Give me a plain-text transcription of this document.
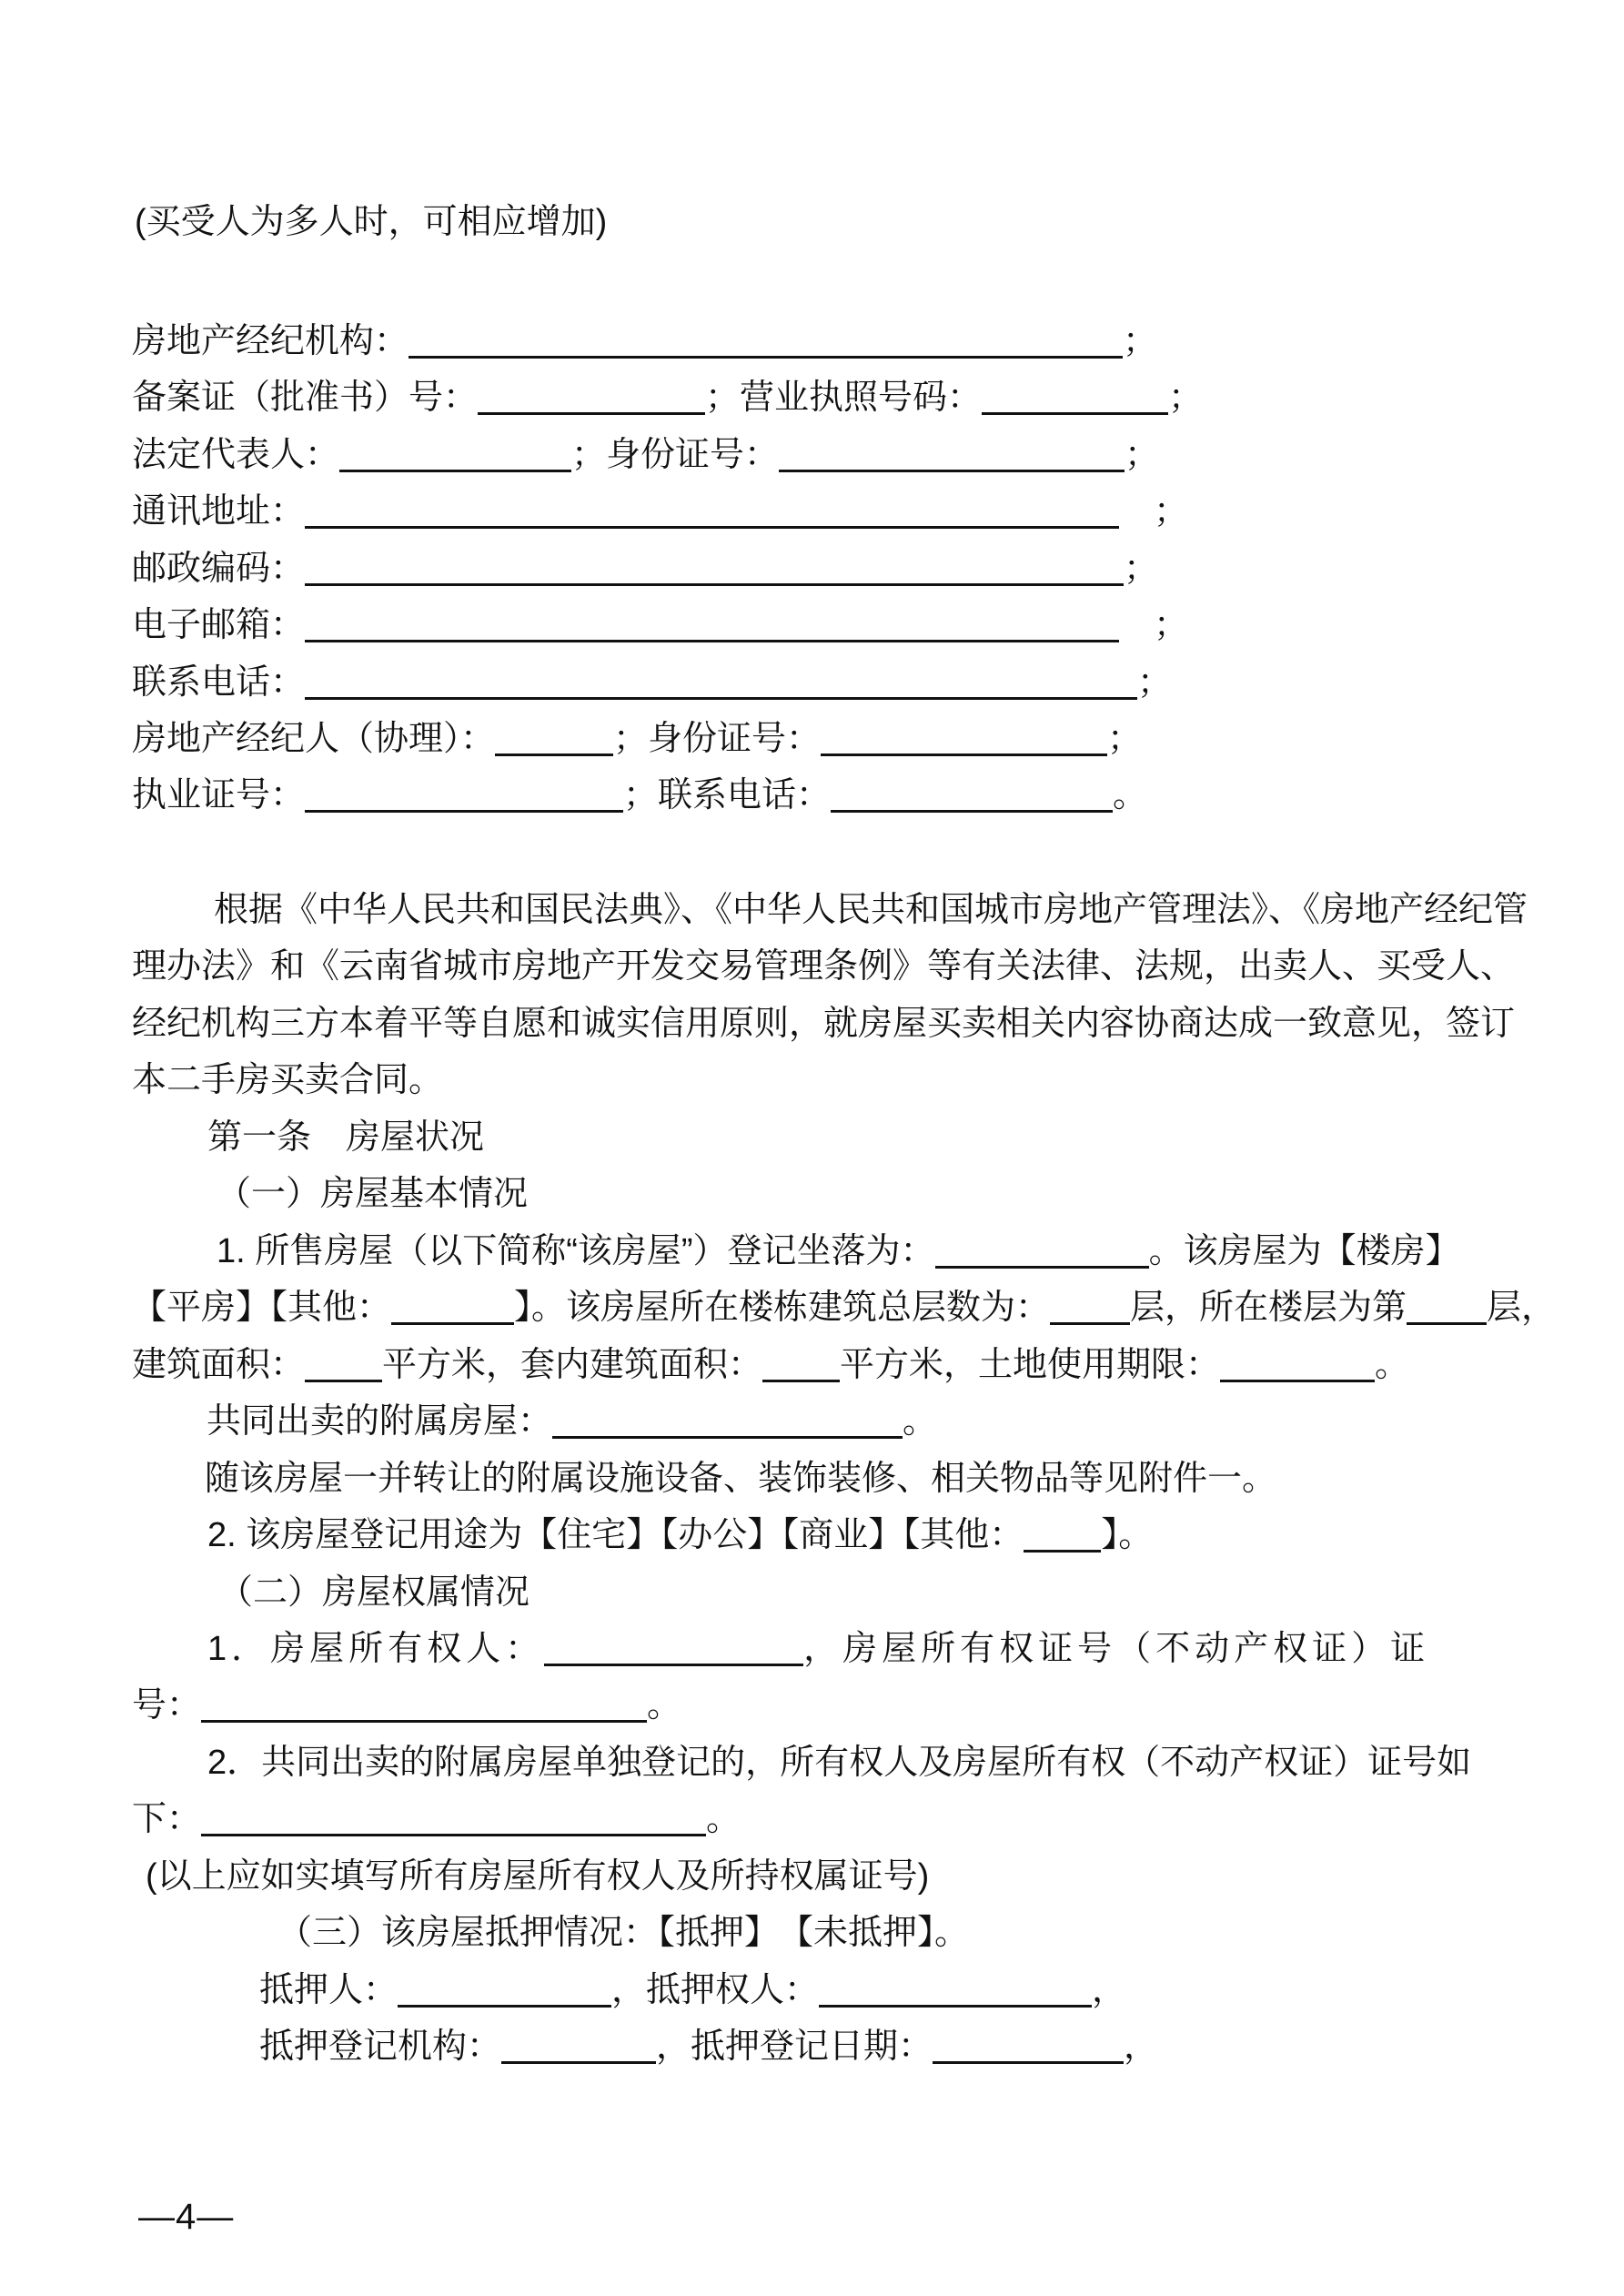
(买受人为多人时，可相应增加)
房地产经纪机构：	；
备案证（批准书）号：	；营业执照号码：	；
法定代表人：	；身份证号：	；
通讯地址：	　；
邮政编码：	；
电子邮箱：	　；
联系电话：	；
房地产经纪人（协理）：	；身份证号：	；
执业证号：	；联系电话：	。
根据《中华人民共和国民法典》、《中华人民共和国城市房地产管理法》、《房地产经纪管
理办法》和《云南省城市房地产开发交易管理条例》等有关法律、法规，出卖人、买受人、
经纪机构三方本着平等自愿和诚实信用原则，就房屋买卖相关内容协商达成一致意见，签订
本二手房买卖合同。
第一条　房屋状况
（一）房屋基本情况
1. 所售房屋（以下简称“该房屋”）登记坐落为：	。该房屋为【楼房】
【平房】【其他：	】。该房屋所在楼栋建筑总层数为： 层，所在楼层为第 层，
建筑面积： 平方米，套内建筑面积： 平方米，土地使用期限：	。
共同出卖的附属房屋：	。
随该房屋一并转让的附属设施设备、装饰装修、相关物品等见附件一。
2. 该房屋登记用途为【住宅】【办公】【商业】【其他： 】。
（二）房屋权属情况
1．房屋所有权人：	，房屋所有权证号（不动产权证）证
号：	。
2．共同出卖的附属房屋单独登记的，所有权人及房屋所有权（不动产权证）证号如
下：	。
(以上应如实填写所有房屋所有权人及所持权属证号)
（三）该房屋抵押情况：【抵押】　【未抵押】。
抵押人：	，抵押权人：	，
抵押登记机构：	，抵押登记日期：	，
—4—
